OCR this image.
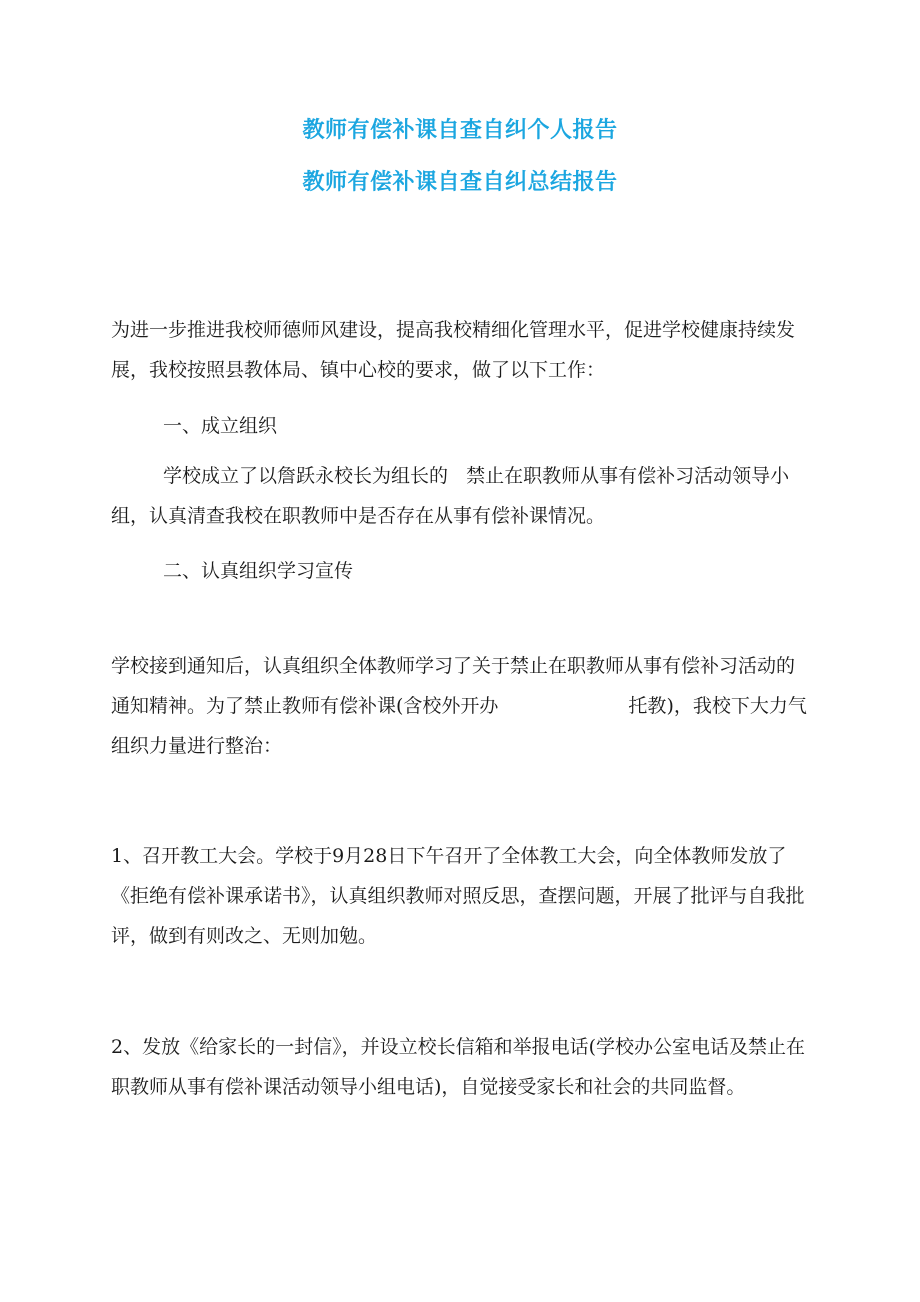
教师有偿补课自查自纠个人报告
教师有偿补课自查自纠总结报告

为进一步推进我校师德师风建设，提高我校精细化管理水平，促进学校健康持续发展，我校按照县教体局、镇中心校的要求，做了以下工作：

一、成立组织

学校成立了以詹跃永校长为组长的 禁止在职教师从事有偿补习活动领导小组，认真清查我校在职教师中是否存在从事有偿补课情况。

二、认真组织学习宣传

学校接到通知后，认真组织全体教师学习了关于禁止在职教师从事有偿补习活动的通知精神。为了禁止教师有偿补课(含校外开办	托教)，我校下大力气组织力量进行整治：

1、召开教工大会。学校于9月28日下午召开了全体教工大会，向全体教师发放了《拒绝有偿补课承诺书》，认真组织教师对照反思，查摆问题，开展了批评与自我批评，做到有则改之、无则加勉。

2、发放《给家长的一封信》，并设立校长信箱和举报电话(学校办公室电话及禁止在职教师从事有偿补课活动领导小组电话)，自觉接受家长和社会的共同监督。
